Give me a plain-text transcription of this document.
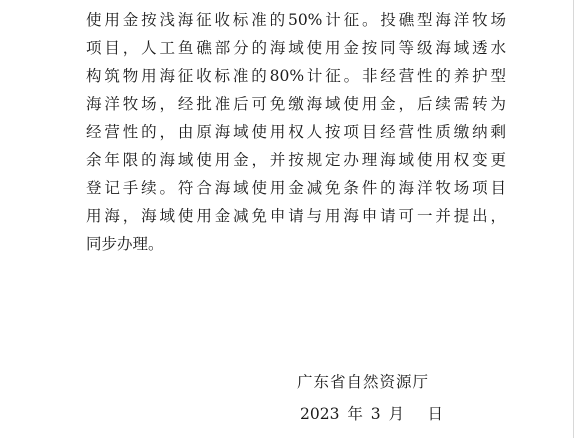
使用金按浅海征收标准的50%计征。投礁型海洋牧场
项目，人工鱼礁部分的海域使用金按同等级海域透水
构筑物用海征收标准的80%计征。非经营性的养护型
海洋牧场，经批准后可免缴海域使用金，后续需转为
经营性的，由原海域使用权人按项目经营性质缴纳剩
余年限的海域使用金，并按规定办理海域使用权变更
登记手续。符合海域使用金减免条件的海洋牧场项目
用海，海域使用金减免申请与用海申请可一并提出，
同步办理。
广东省自然资源厅
2023 年 3 月　 日
